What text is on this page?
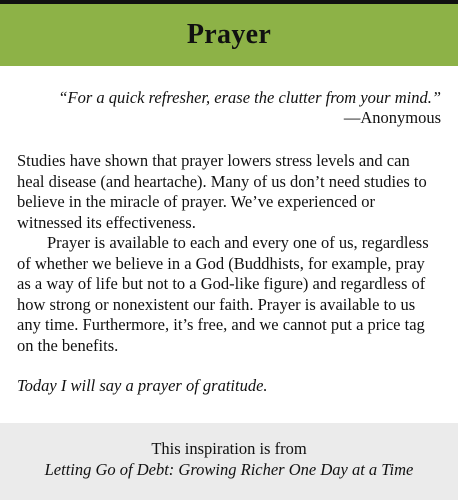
Prayer

“For a quick refresher, erase the clutter from your mind.”

—Anonymous

Studies have shown that prayer lowers stress levels and can heal disease (and heartache). Many of us don’t need studies to believe in the miracle of prayer. We’ve experienced or witnessed its effectiveness.

Prayer is available to each and every one of us, regardless of whether we believe in a God (Buddhists, for example, pray as a way of life but not to a God-like figure) and regardless of how strong or nonexistent our faith. Prayer is available to us any time. Furthermore, it’s free, and we cannot put a price tag on the benefits.

Today I will say a prayer of gratitude.

This inspiration is from

Letting Go of Debt: Growing Richer One Day at a Time
